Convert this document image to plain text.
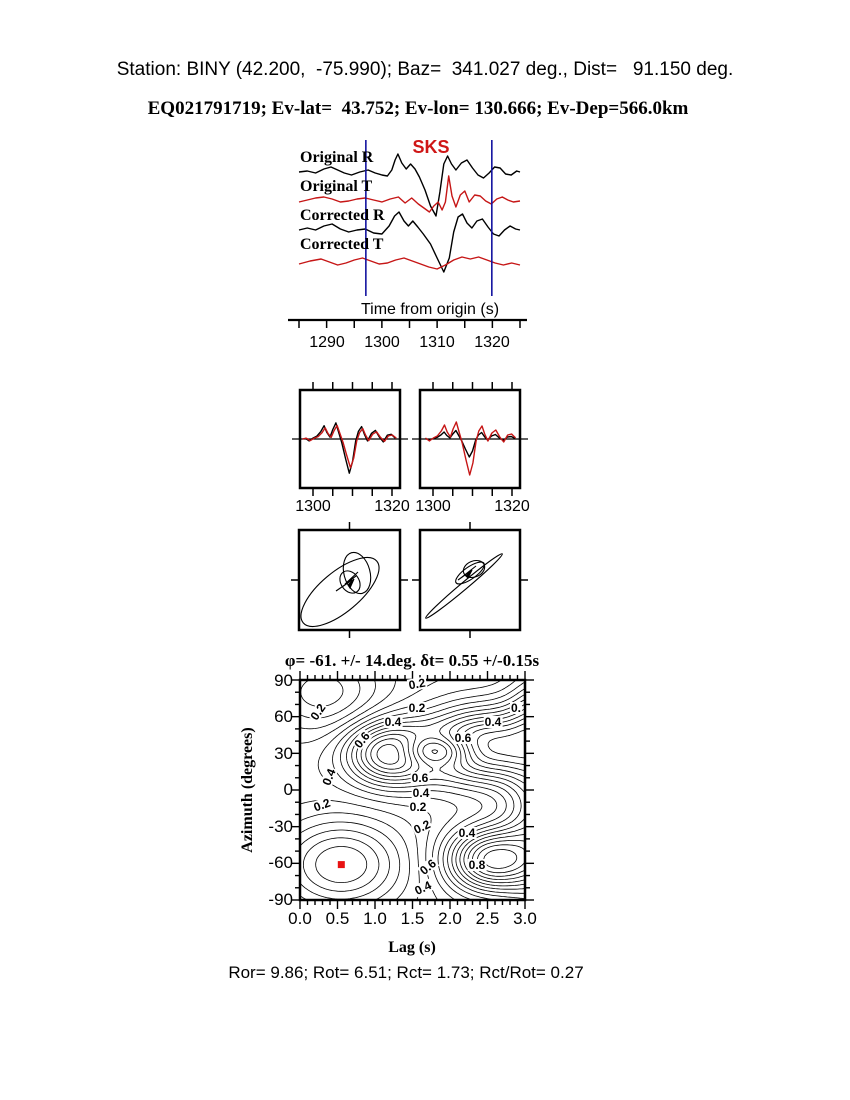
Station: BINY (42.200,  -75.990); Baz=  341.027 deg., Dist=   91.150 deg.
EQ021791719; Ev-lat=  43.752; Ev-lon= 130.666; Ev-Dep=566.0km
SKS
Original R
Original T
Corrected R
Corrected T
Time from origin (s)
1290 1300 1310 1320
1300	1320 1300	1320
φ= -61. +/- 14.deg. δt= 0.55 +/-0.15s
Azimuth (degrees)
Lag (s)
90
60
30
0
-30
-60
-90
0.0 0.5 1.0 1.5 2.0 2.5 3.0
0.2
0.2	0.2
0.4	0.4
0.
0.6
0.6
0.4
0.2
0.6
0.4
0.2
0.2 0.4
0.6 0.8
0.4
Ror= 9.86; Rot= 6.51; Rct= 1.73; Rct/Rot= 0.27
